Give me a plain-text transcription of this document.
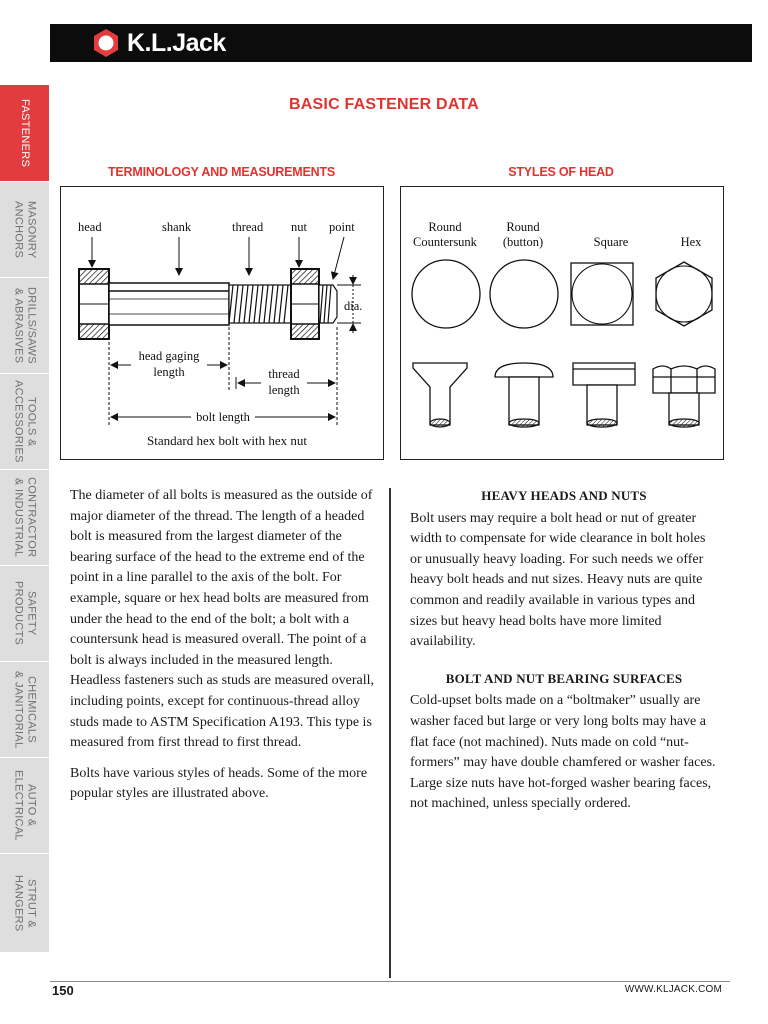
K.L.Jack
FASTENERS
MASONRY
ANCHORS
DRILLS/SAWS
& ABRASIVES
TOOLS &
ACCESSORIES
CONTRACTOR
& INDUSTRIAL
SAFETY
PRODUCTS
CHEMICALS
& JANITORIAL
AUTO &
ELECTRICAL
STRUT &
HANGERS
BASIC FASTENER DATA
TERMINOLOGY AND MEASUREMENTS	STYLES OF HEAD
head	shank	thread nut point
dia.
head gaging
length	thread
length
bolt length
Standard hex bolt with hex nut
Round
Countersunk
Round
(button)	Square	Hex

The diameter of all bolts is measured as the outside of major diameter of the thread. The length of a headed bolt is measured from the largest diameter of the bearing surface of the head to the extreme end of the point in a line parallel to the axis of the bolt. For example, square or hex head bolts are measured from under the head to the end of the bolt; a bolt with a countersunk head is measured overall. The point of a bolt is always included in the measured length. Headless fasteners such as studs are measured overall, including points, except for continuous-thread alloy studs made to ASTM Specification A193. This type is measured from first thread to first thread.

Bolts have various styles of heads. Some of the more popular styles are illustrated above.

HEAVY HEADS AND NUTS

Bolt users may require a bolt head or nut of greater width to compensate for wide clearance in bolt holes or unusually heavy loading. For such needs we offer heavy bolt heads and nut sizes. Heavy nuts are quite common and readily available in various types and sizes but heavy head bolts have more limited availability.

BOLT AND NUT BEARING SURFACES

Cold-upset bolts made on a “boltmaker” usually are washer faced but large or very long bolts may have a flat face (not machined). Nuts made on cold “nut-formers” may have double chamfered or washer faces. Large size nuts have hot-forged washer bearing faces, not machined, unless specially ordered.

150	WWW.KLJACK.COM
